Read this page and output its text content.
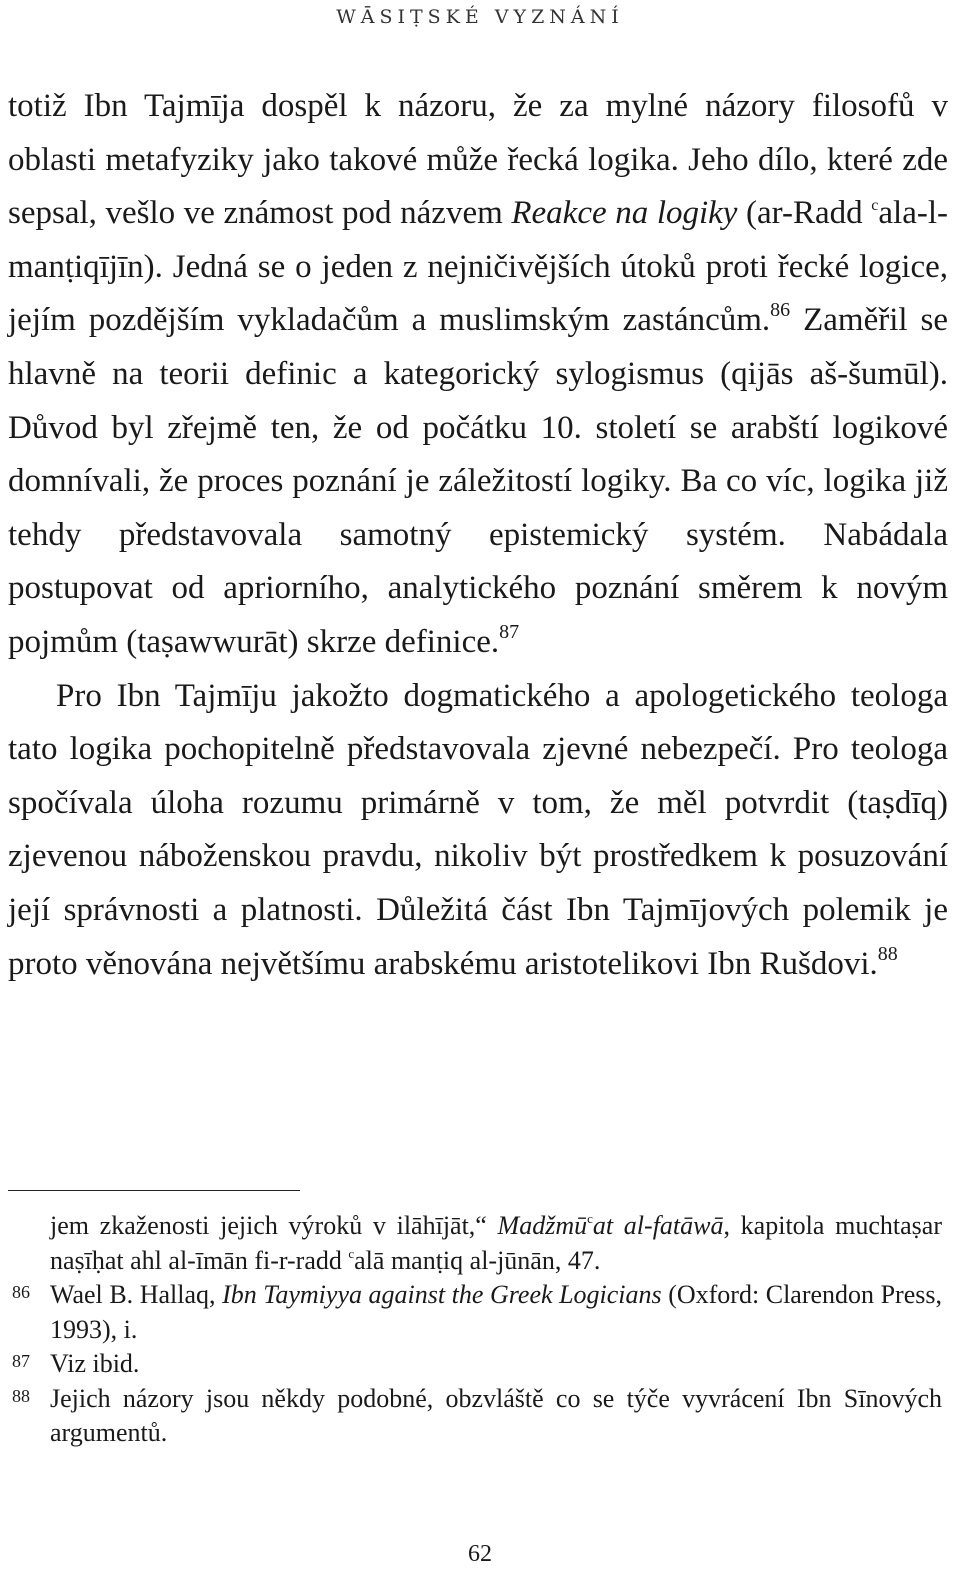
WĀSIṬSKÉ VYZNÁNÍ

totiž Ibn Tajmīja dospěl k názoru, že za mylné názory filosofů v oblasti metafyziky jako takové může řecká logika. Jeho dílo, které zde sepsal, vešlo ve známost pod názvem Reakce na logiky (ar-Radd $^c$ala-l-manṭiqījīn). Jedná se o jeden z nejničivějších útoků proti řecké logice, jejím pozdějším vykladačům a muslimským zastáncům.$^{86}$ Zaměřil se hlavně na teorii definic a kategorický sylogismus (qijās aš-šumūl). Důvod byl zřejmě ten, že od počátku 10. století se arabští logikové domnívali, že proces poznání je záležitostí logiky. Ba co víc, logika již tehdy představovala samotný epistemický systém. Nabádala postupovat od apriorního, analytického poznání směrem k novým pojmům (taṣawwurāt) skrze definice.$^{87}$

Pro Ibn Tajmīju jakožto dogmatického a apologetického teologa tato logika pochopitelně představovala zjevné nebezpečí. Pro teologa spočívala úloha rozumu primárně v tom, že měl potvrdit (taṣdīq) zjevenou náboženskou pravdu, nikoliv být prostředkem k posuzování její správnosti a platnosti. Důležitá část Ibn Tajmījových polemik je proto věnována největšímu arabskému aristotelikovi Ibn Rušdovi.$^{88}$

jem zkaženosti jejich výroků v ilāhījāt,“ Madžmū$^c$at al-fatāwā, kapitola muchtaṣar naṣīḥat ahl al-īmān fi-r-radd $^c$alā manṭiq al-jūnān, 47.
86 Wael B. Hallaq, Ibn Taymiyya against the Greek Logicians (Oxford: Clarendon Press, 1993), i.
87 Viz ibid.
88 Jejich názory jsou někdy podobné, obzvláště co se týče vyvrácení Ibn Sīnových argumentů.
62
